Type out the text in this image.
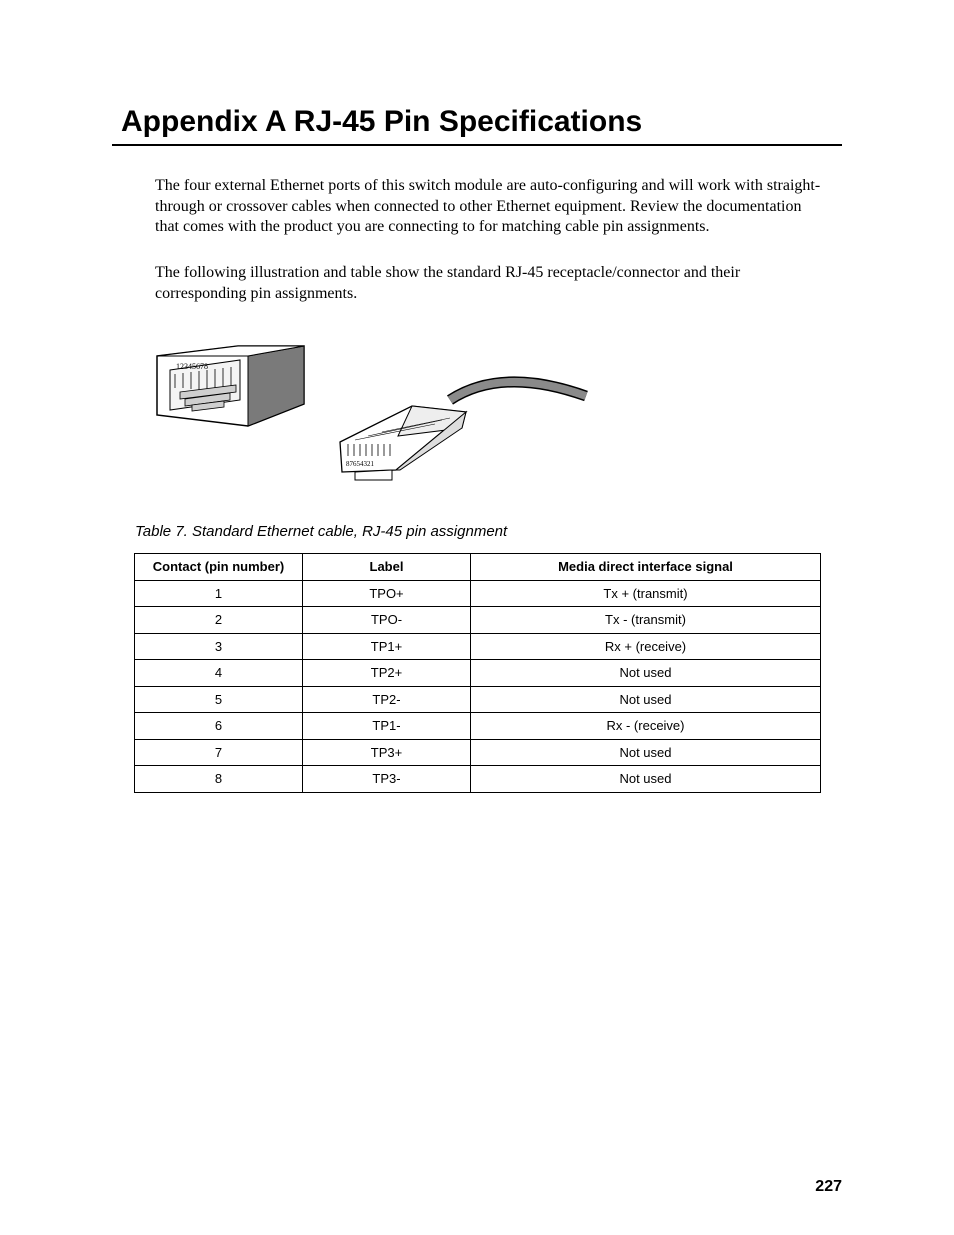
Appendix A RJ-45 Pin Specifications

The four external Ethernet ports of this switch module are auto-configuring and will work with straight-through or crossover cables when connected to other Ethernet equipment. Review the documentation that comes with the product you are connecting to for matching cable pin assignments.

The following illustration and table show the standard RJ-45 receptacle/connector and their corresponding pin assignments.

12345678
87654321

Table 7. Standard Ethernet cable, RJ-45 pin assignment

Contact (pin number)	Label	Media direct interface signal
1	TPO+	Tx + (transmit)
2	TPO-	Tx - (transmit)
3	TP1+	Rx + (receive)
4	TP2+	Not used
5	TP2-	Not used
6	TP1-	Rx - (receive)
7	TP3+	Not used
8	TP3-	Not used
227
